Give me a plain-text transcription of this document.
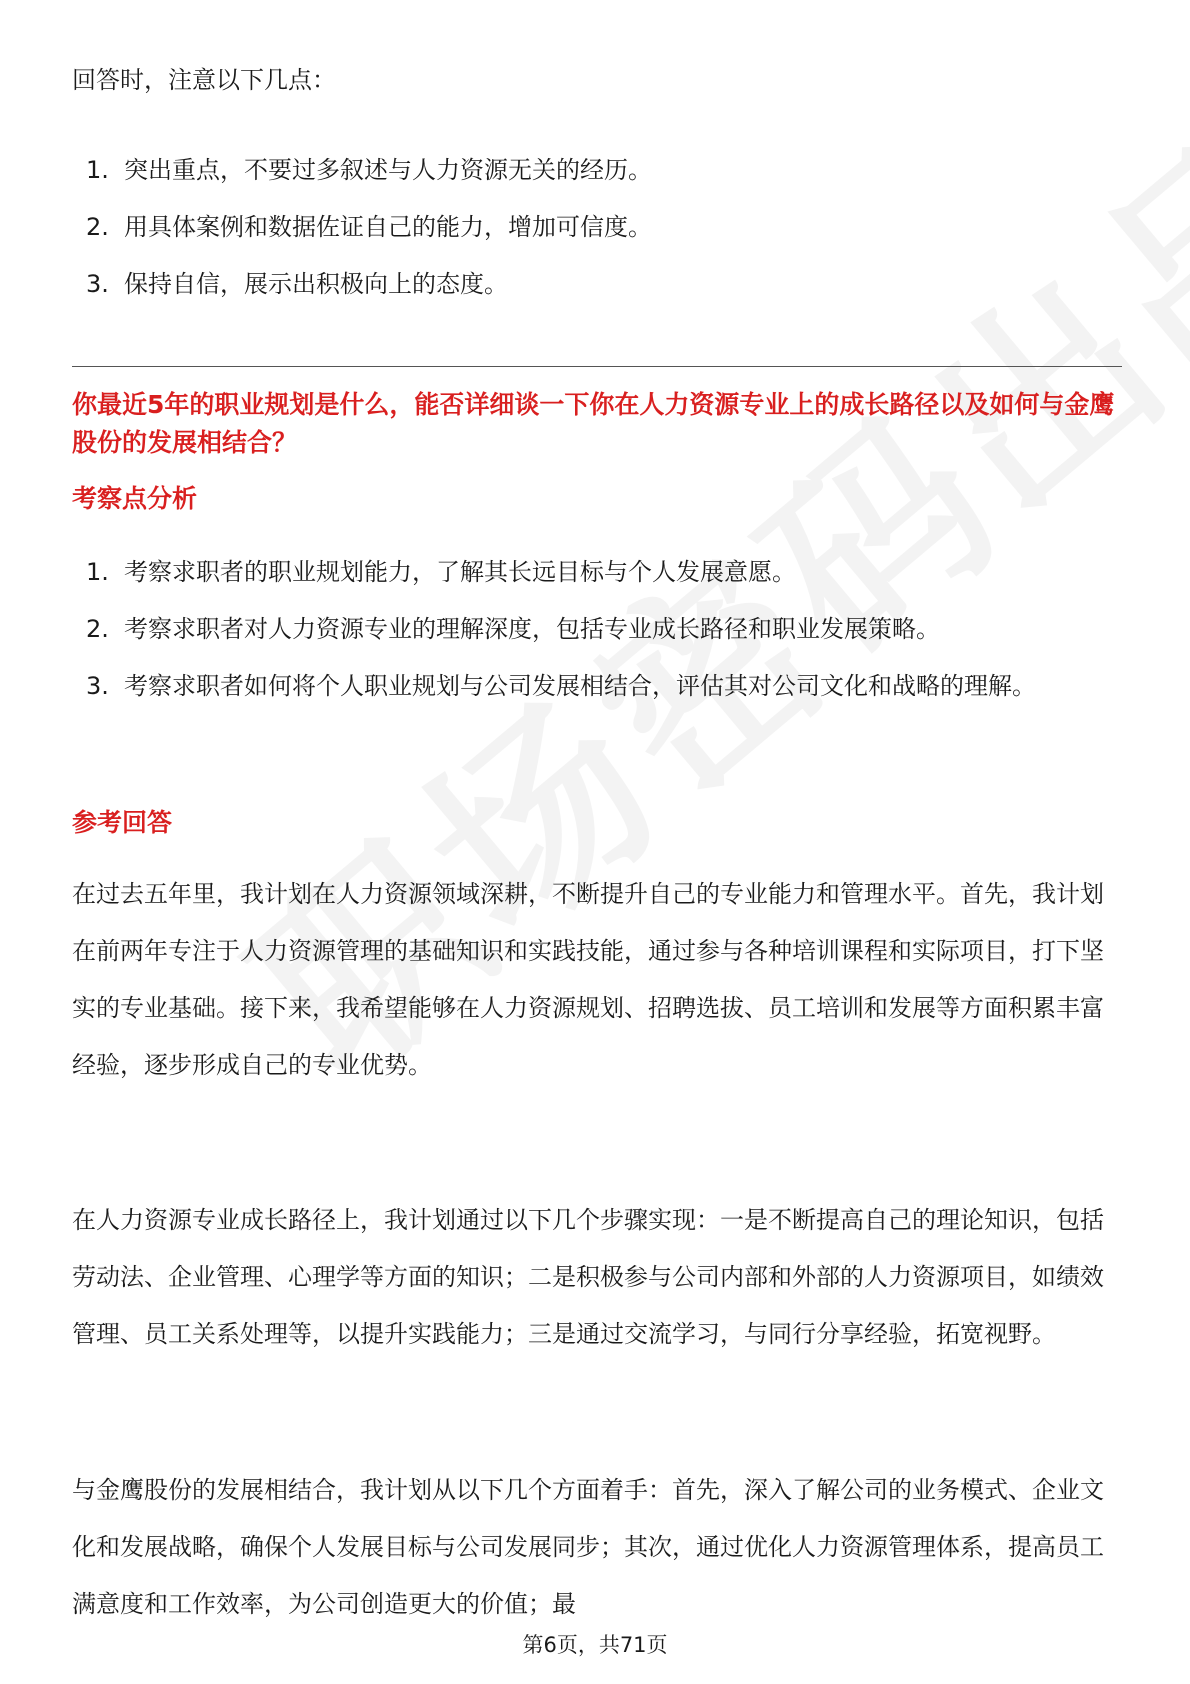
回答时，注意以下几点：

1. 突出重点，不要过多叙述与人力资源无关的经历。
2. 用具体案例和数据佐证自己的能力，增加可信度。
3. 保持自信，展示出积极向上的态度。
你最近5年的职业规划是什么，能否详细谈一下你在人力资源专业上的成长路径以及如何与金鹰股份的发展相结合？
考察点分析
1. 考察求职者的职业规划能力，了解其长远目标与个人发展意愿。
2. 考察求职者对人力资源专业的理解深度，包括专业成长路径和职业发展策略。
3. 考察求职者如何将个人职业规划与公司发展相结合，评估其对公司文化和战略的理解。
参考回答

在过去五年里，我计划在人力资源领域深耕，不断提升自己的专业能力和管理水平。首先，我计划在前两年专注于人力资源管理的基础知识和实践技能，通过参与各种培训课程和实际项目，打下坚实的专业基础。接下来，我希望能够在人力资源规划、招聘选拔、员工培训和发展等方面积累丰富经验，逐步形成自己的专业优势。

在人力资源专业成长路径上，我计划通过以下几个步骤实现：一是不断提高自己的理论知识，包括劳动法、企业管理、心理学等方面的知识；二是积极参与公司内部和外部的人力资源项目，如绩效管理、员工关系处理等，以提升实践能力；三是通过交流学习，与同行分享经验，拓宽视野。

与金鹰股份的发展相结合，我计划从以下几个方面着手：首先，深入了解公司的业务模式、企业文化和发展战略，确保个人发展目标与公司发展同步；其次，通过优化人力资源管理体系，提高员工满意度和工作效率，为公司创造更大的价值；最

第6页，共71页
